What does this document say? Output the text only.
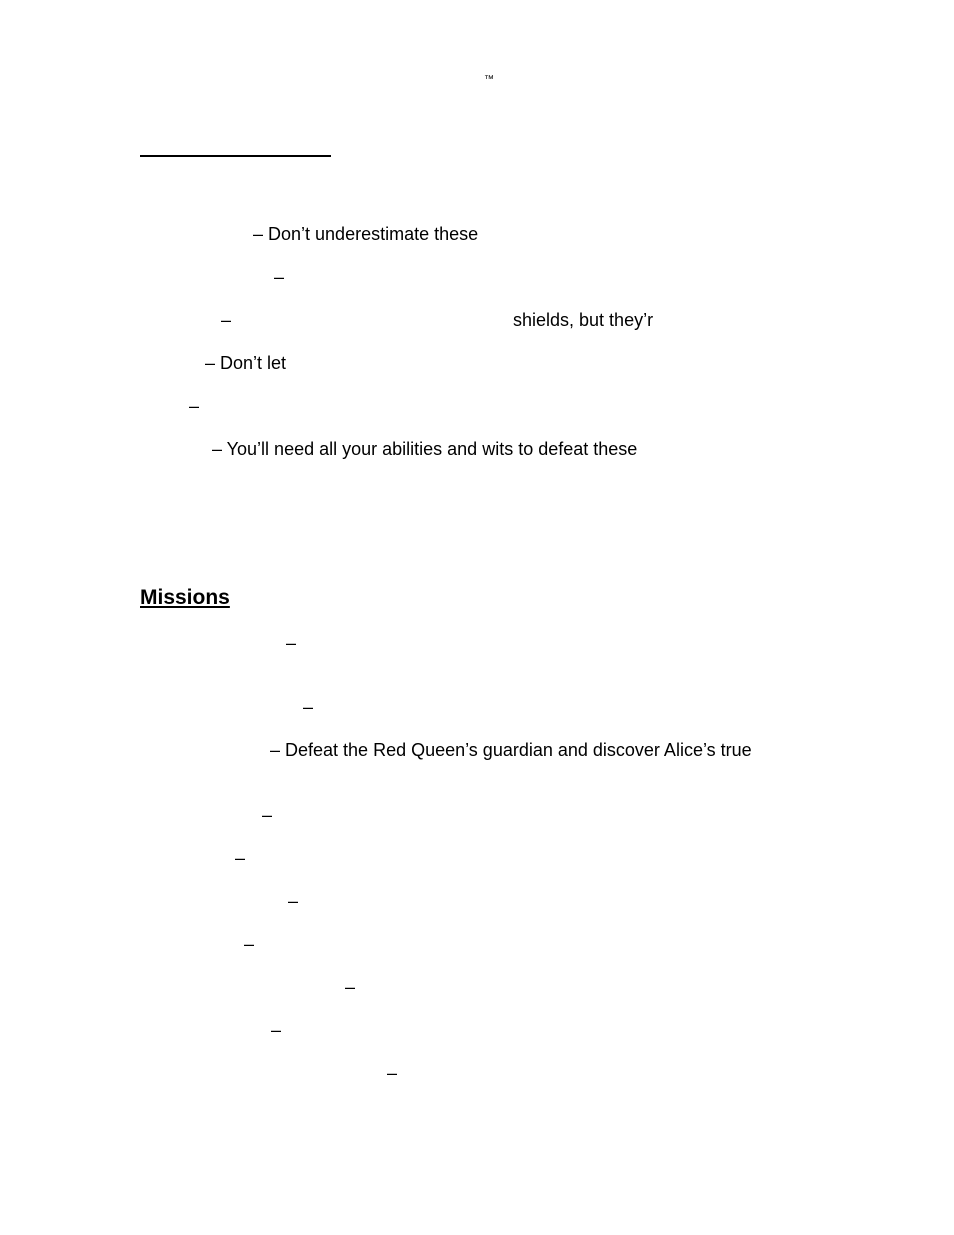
™
– Don’t underestimate these
–
–	shields, but they’r
– Don’t let
–
– You’ll need all your abilities and wits to defeat these
Missions
–
–
– Defeat the Red Queen’s guardian and discover Alice’s true
–
–
–
–
–
–
–
